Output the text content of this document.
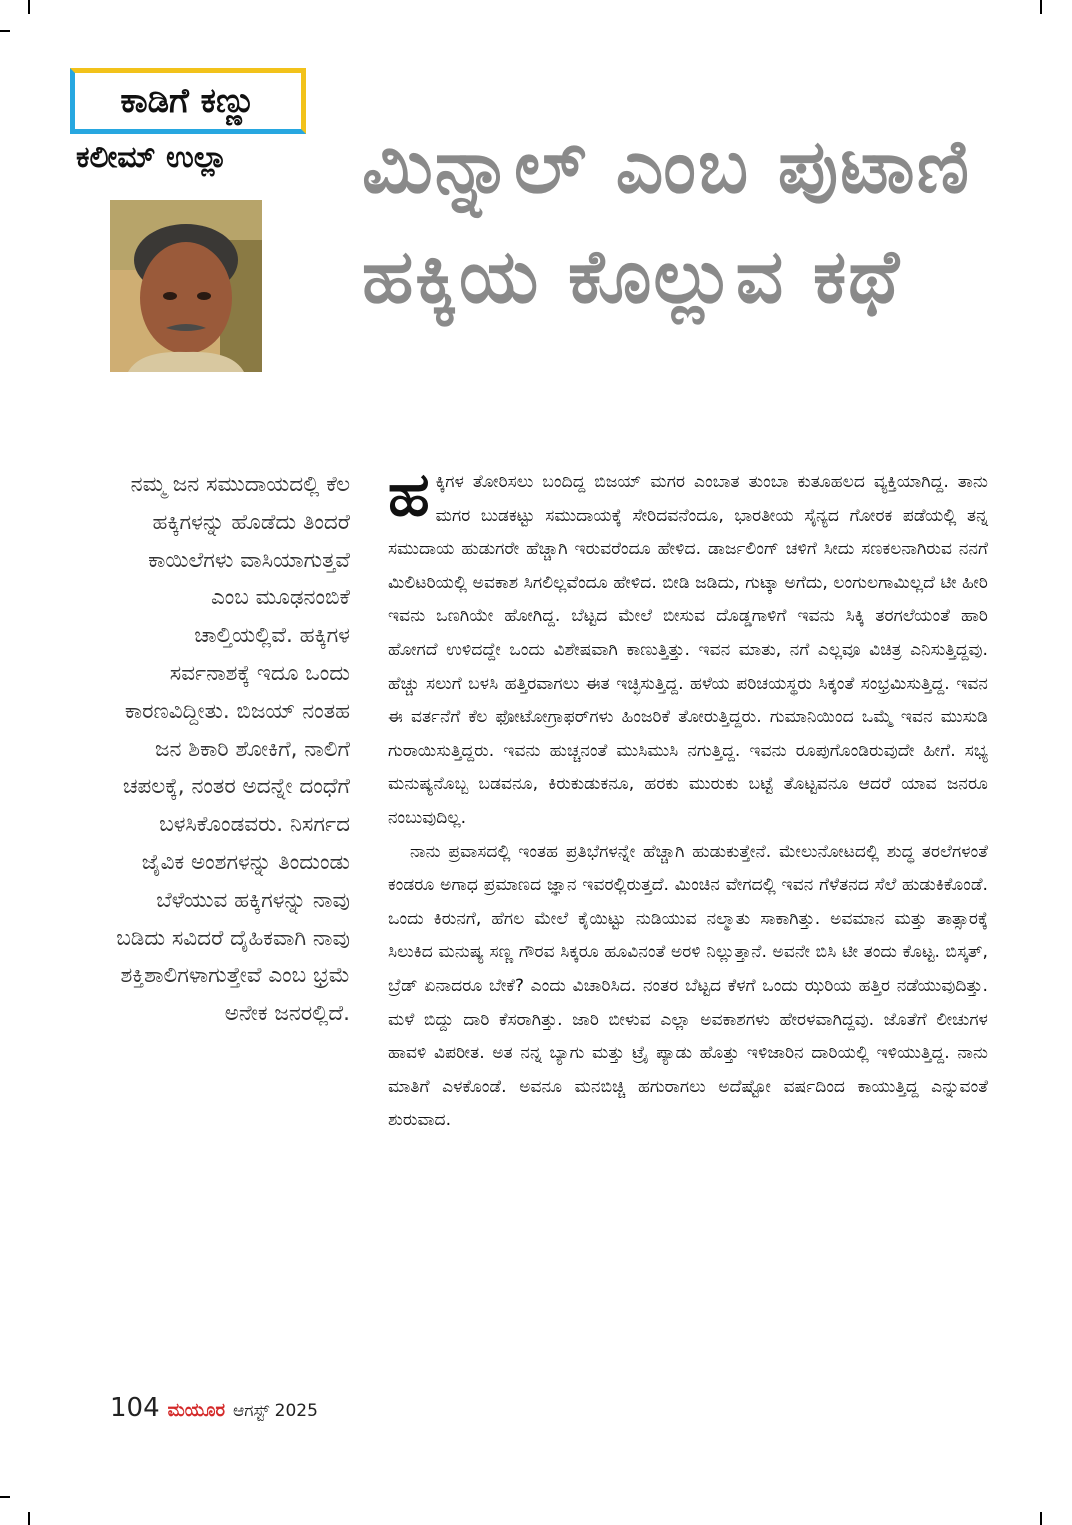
ಕಾಡಿಗೆ ಕಣ್ಣು
ಕಲೀಮ್ ಉಲ್ಲಾ	ಮಿನ್ನಾಲ್ ಎಂಬ ಪುಟಾಣಿ ಹಕ್ಕಿಯ ಕೊಲ್ಲುವ ಕಥೆ
ನಮ್ಮ ಜನ ಸಮುದಾಯದಲ್ಲಿ ಕೆಲ ಹಕ್ಕಿಗಳನ್ನು ಹೊಡೆದು ತಿಂದರೆ ಕಾಯಿಲೆಗಳು ವಾಸಿಯಾಗುತ್ತವೆ ಎಂಬ ಮೂಢನಂಬಿಕೆ ಚಾಲ್ತಿಯಲ್ಲಿವೆ. ಹಕ್ಕಿಗಳ ಸರ್ವನಾಶಕ್ಕೆ ಇದೂ ಒಂದು ಕಾರಣವಿದ್ದೀತು. ಬಿಜಯ್ ನಂತಹ ಜನ ಶಿಕಾರಿ ಶೋಕಿಗೆ, ನಾಲಿಗೆ ಚಪಲಕ್ಕೆ, ನಂತರ ಅದನ್ನೇ ದಂಧೆಗೆ ಬಳಸಿಕೊಂಡವರು. ನಿಸರ್ಗದ ಜೈವಿಕ ಅಂಶಗಳನ್ನು ತಿಂದುಂಡು ಬೆಳೆಯುವ ಹಕ್ಕಿಗಳನ್ನು ನಾವು ಬಡಿದು ಸವಿದರೆ ದೈಹಿಕವಾಗಿ ನಾವು ಶಕ್ತಿಶಾಲಿಗಳಾಗುತ್ತೇವೆ ಎಂಬ ಭ್ರಮೆ ಅನೇಕ ಜನರಲ್ಲಿದೆ.

ಹಕ್ಕಿಗಳ ತೋರಿಸಲು ಬಂದಿದ್ದ ಬಿಜಯ್ ಮಗರ ಎಂಬಾತ ತುಂಬಾ ಕುತೂಹಲದ ವ್ಯಕ್ತಿಯಾಗಿದ್ದ. ತಾನು ಮಗರ ಬುಡಕಟ್ಟು ಸಮುದಾಯಕ್ಕೆ ಸೇರಿದವನೆಂದೂ, ಭಾರತೀಯ ಸೈನ್ಯದ ಗೋರಕ ಪಡೆಯಲ್ಲಿ ತನ್ನ ಸಮುದಾಯ ಹುಡುಗರೇ ಹೆಚ್ಚಾಗಿ ಇರುವರೆಂದೂ ಹೇಳಿದ. ಡಾರ್ಜಲಿಂಗ್ ಚಳಿಗೆ ಸೀದು ಸಣಕಲನಾಗಿರುವ ನನಗೆ ಮಿಲಿಟರಿಯಲ್ಲಿ ಅವಕಾಶ ಸಿಗಲಿಲ್ಲವೆಂದೂ ಹೇಳಿದ. ಬೀಡಿ ಜಡಿದು, ಗುಟ್ಕಾ ಅಗೆದು, ಲಂಗುಲಗಾಮಿಲ್ಲದೆ ಟೀ ಹೀರಿ ಇವನು ಒಣಗಿಯೇ ಹೋಗಿದ್ದ. ಬೆಟ್ಟದ ಮೇಲೆ ಬೀಸುವ ದೊಡ್ಡಗಾಳಿಗೆ ಇವನು ಸಿಕ್ಕಿ ತರಗಲೆಯಂತೆ ಹಾರಿ ಹೋಗದೆ ಉಳಿದದ್ದೇ ಒಂದು ವಿಶೇಷವಾಗಿ ಕಾಣುತ್ತಿತ್ತು. ಇವನ ಮಾತು, ನಗೆ ಎಲ್ಲವೂ ವಿಚಿತ್ರ ಎನಿಸುತ್ತಿದ್ದವು. ಹೆಚ್ಚು ಸಲುಗೆ ಬಳಸಿ ಹತ್ತಿರವಾಗಲು ಈತ ಇಚ್ಛಿಸುತ್ತಿದ್ದ. ಹಳೆಯ ಪರಿಚಯಸ್ಥರು ಸಿಕ್ಕಂತೆ ಸಂಭ್ರಮಿಸುತ್ತಿದ್ದ. ಇವನ ಈ ವರ್ತನೆಗೆ ಕೆಲ ಫೋಟೋಗ್ರಾಫರ್‌ಗಳು ಹಿಂಜರಿಕೆ ತೋರುತ್ತಿದ್ದರು. ಗುಮಾನಿಯಿಂದ ಒಮ್ಮೆ ಇವನ ಮುಸುಡಿ ಗುರಾಯಿಸುತ್ತಿದ್ದರು. ಇವನು ಹುಚ್ಚನಂತೆ ಮುಸಿಮುಸಿ ನಗುತ್ತಿದ್ದ. ಇವನು ರೂಪುಗೊಂಡಿರುವುದೇ ಹೀಗೆ. ಸಭ್ಯ ಮನುಷ್ಯನೊಬ್ಬ ಬಡವನೂ, ಕಿರುಕುಡುಕನೂ, ಹರಕು ಮುರುಕು ಬಟ್ಟೆ ತೊಟ್ಟವನೂ ಆದರೆ ಯಾವ ಜನರೂ ನಂಬುವುದಿಲ್ಲ.

ನಾನು ಪ್ರವಾಸದಲ್ಲಿ ಇಂತಹ ಪ್ರತಿಭೆಗಳನ್ನೇ ಹೆಚ್ಚಾಗಿ ಹುಡುಕುತ್ತೇನೆ. ಮೇಲುನೋಟದಲ್ಲಿ ಶುದ್ಧ ತರಲೆಗಳಂತೆ ಕಂಡರೂ ಅಗಾಧ ಪ್ರಮಾಣದ ಜ್ಞಾನ ಇವರಲ್ಲಿರುತ್ತದೆ. ಮಿಂಚಿನ ವೇಗದಲ್ಲಿ ಇವನ ಗೆಳೆತನದ ಸೆಲೆ ಹುಡುಕಿಕೊಂಡೆ. ಒಂದು ಕಿರುನಗೆ, ಹೆಗಲ ಮೇಲೆ ಕೈಯಿಟ್ಟು ನುಡಿಯುವ ನಲ್ಮಾತು ಸಾಕಾಗಿತ್ತು. ಅವಮಾನ ಮತ್ತು ತಾತ್ಸಾರಕ್ಕೆ ಸಿಲುಕಿದ ಮನುಷ್ಯ ಸಣ್ಣ ಗೌರವ ಸಿಕ್ಕರೂ ಹೂವಿನಂತೆ ಅರಳಿ ನಿಲ್ಲುತ್ತಾನೆ. ಅವನೇ ಬಿಸಿ ಟೀ ತಂದು ಕೊಟ್ಟ. ಬಿಸ್ಕತ್, ಬ್ರೆಡ್ ಏನಾದರೂ ಬೇಕೆ? ಎಂದು ವಿಚಾರಿಸಿದ. ನಂತರ ಬೆಟ್ಟದ ಕೆಳಗೆ ಒಂದು ಝರಿಯ ಹತ್ತಿರ ನಡೆಯುವುದಿತ್ತು. ಮಳೆ ಬಿದ್ದು ದಾರಿ ಕೆಸರಾಗಿತ್ತು. ಜಾರಿ ಬೀಳುವ ಎಲ್ಲಾ ಅವಕಾಶಗಳು ಹೇರಳವಾಗಿದ್ದವು. ಜೊತೆಗೆ ಲೀಚುಗಳ ಹಾವಳಿ ವಿಪರೀತ. ಅತ ನನ್ನ ಬ್ಯಾಗು ಮತ್ತು ಟ್ರೈ ಪ್ಯಾಡು ಹೊತ್ತು ಇಳಿಜಾರಿನ ದಾರಿಯಲ್ಲಿ ಇಳಿಯುತ್ತಿದ್ದ. ನಾನು ಮಾತಿಗೆ ಎಳಕೊಂಡೆ. ಅವನೂ ಮನಬಿಚ್ಚಿ ಹಗುರಾಗಲು ಅದೆಷ್ಟೋ ವರ್ಷದಿಂದ ಕಾಯುತ್ತಿದ್ದ ಎನ್ನುವಂತೆ ಶುರುವಾದ.

104 ಮಯೂರ ಆಗಸ್ಟ್ 2025
